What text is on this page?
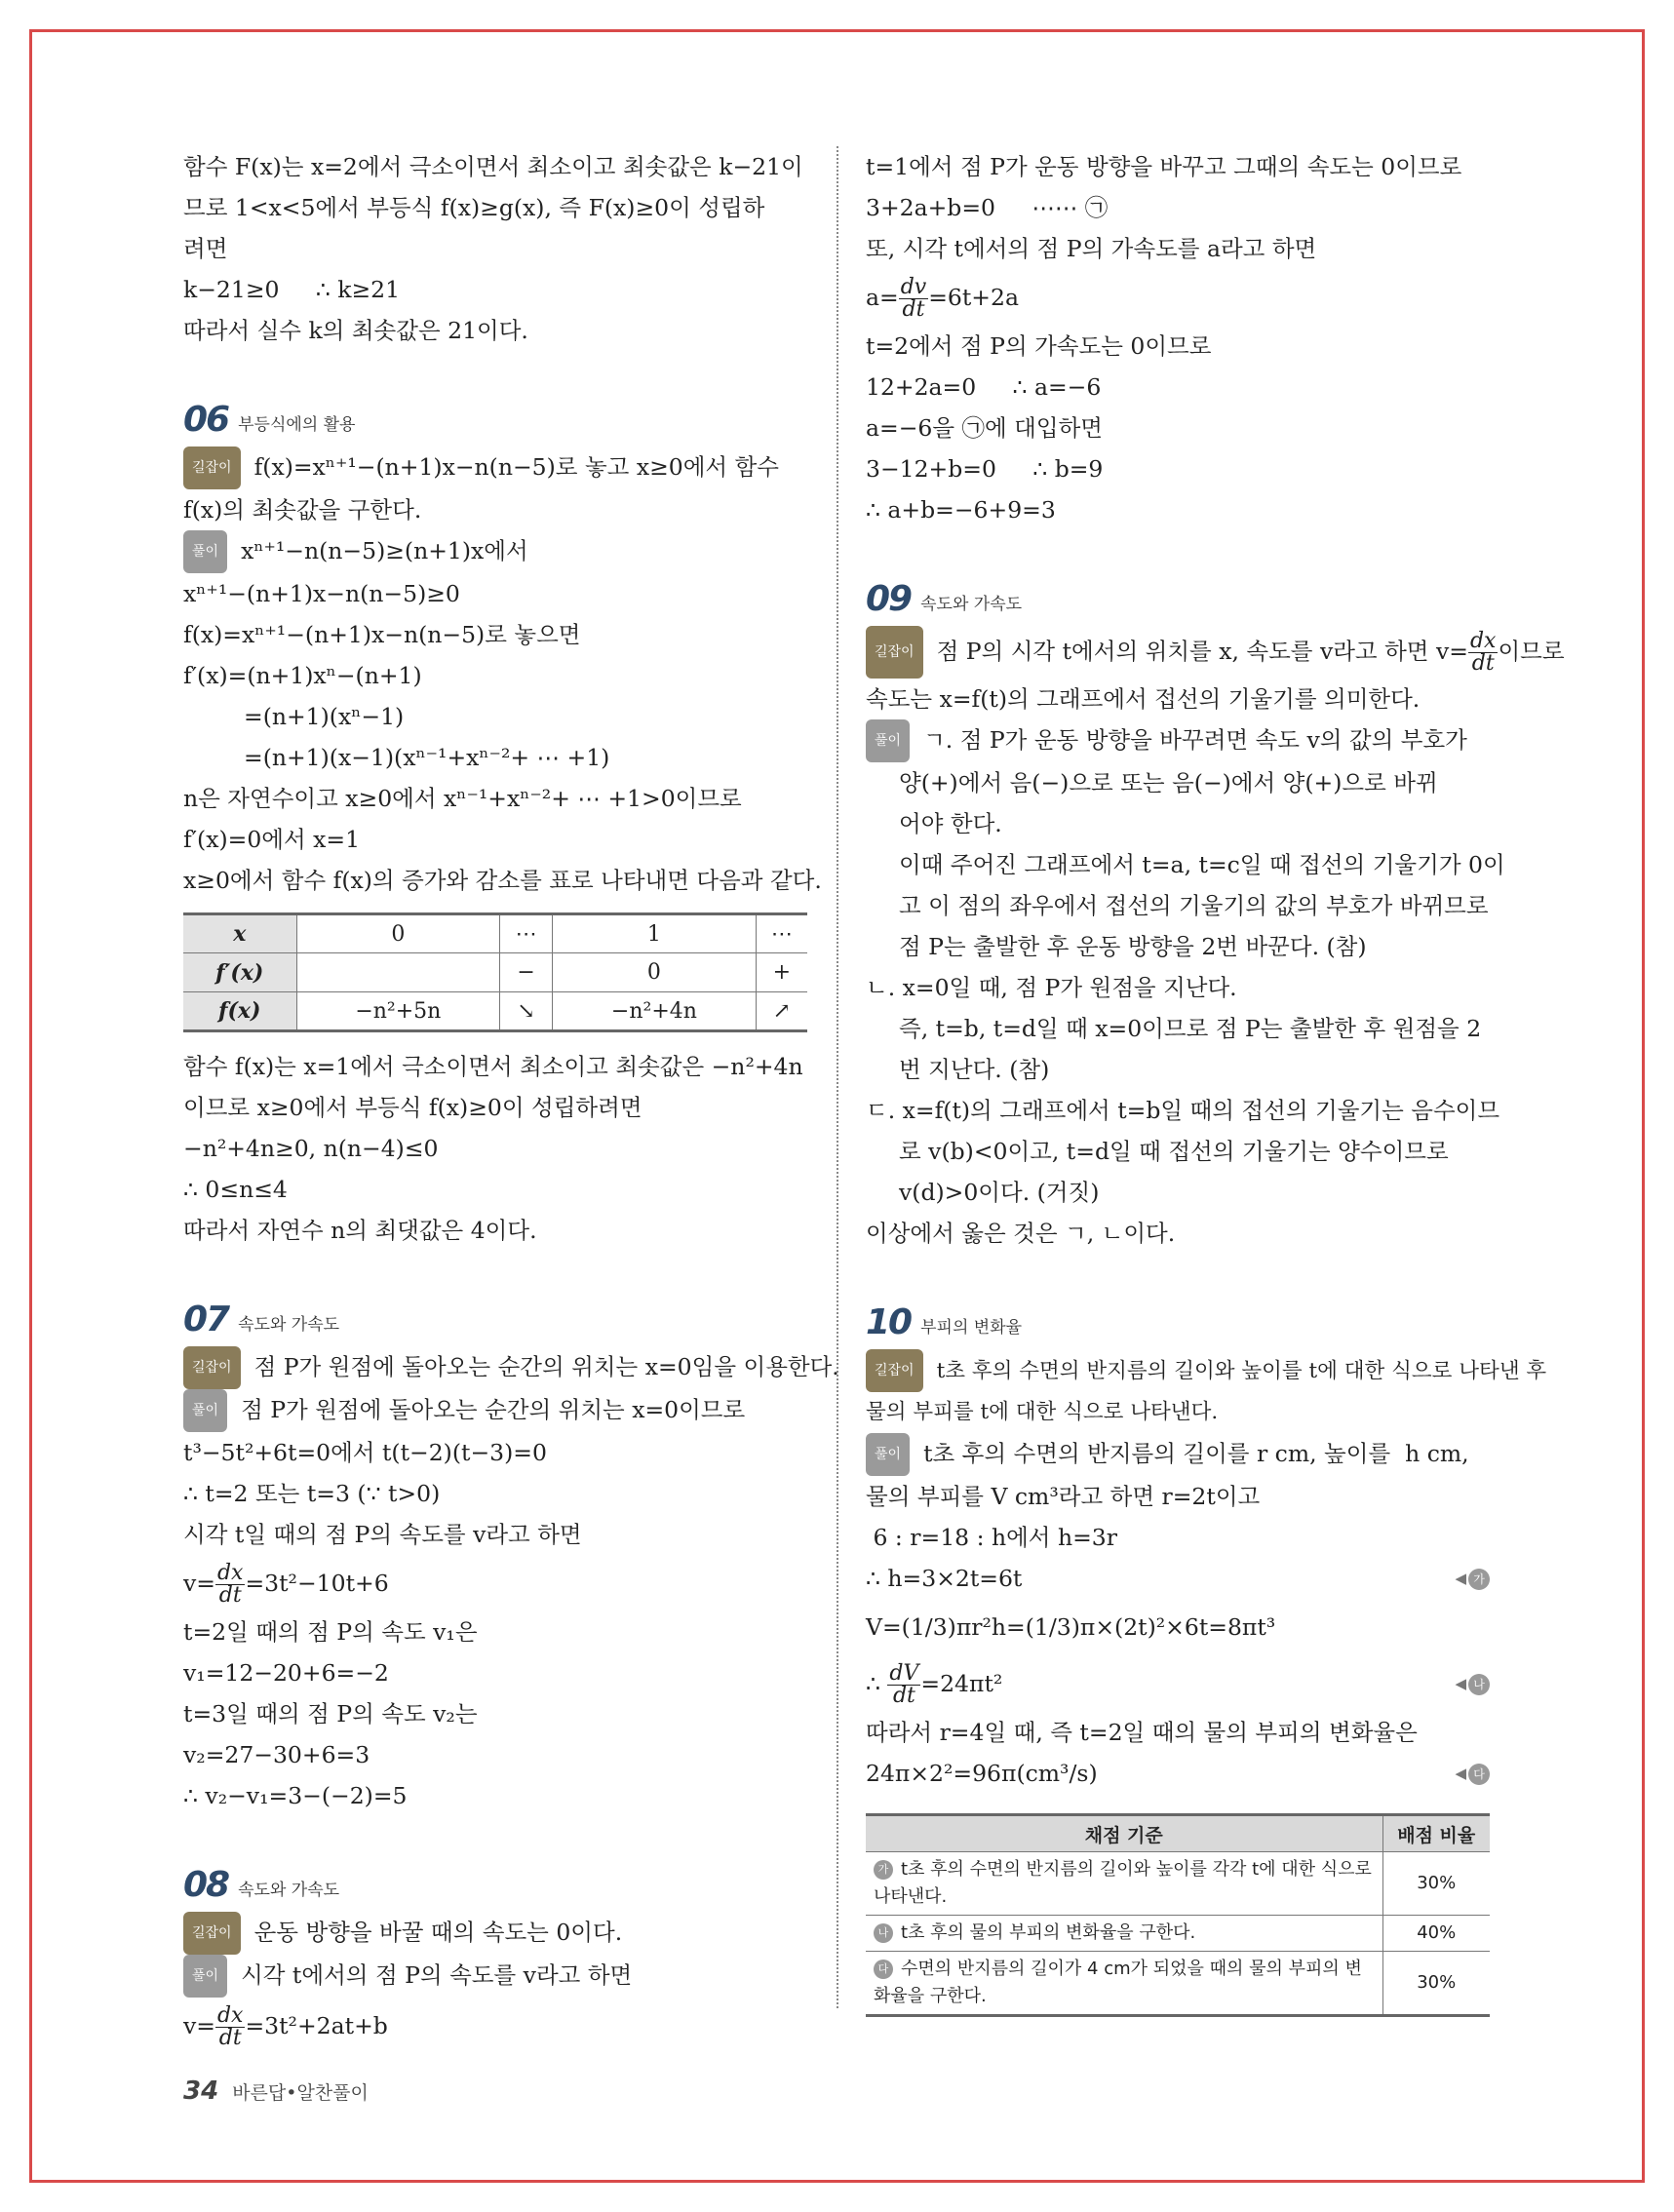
함수 F(x)는 x=2에서 극소이면서 최소이고 최솟값은 k−21이
므로 1<x<5에서 부등식 f(x)≥g(x), 즉 F(x)≥0이 성립하
려면
k−21≥0     ∴ k≥21
따라서 실수 k의 최솟값은 21이다.
06 부등식에의 활용
길잡이 f(x)=xⁿ⁺¹−(n+1)x−n(n−5)로 놓고 x≥0에서 함수
f(x)의 최솟값을 구한다.
풀이 xⁿ⁺¹−n(n−5)≥(n+1)x에서
xⁿ⁺¹−(n+1)x−n(n−5)≥0
f(x)=xⁿ⁺¹−(n+1)x−n(n−5)로 놓으면
f′(x)=(n+1)xⁿ−(n+1)
=(n+1)(xⁿ−1)
=(n+1)(x−1)(xⁿ⁻¹+xⁿ⁻²+ ⋯ +1)
n은 자연수이고 x≥0에서 xⁿ⁻¹+xⁿ⁻²+ ⋯ +1>0이므로
f′(x)=0에서 x=1
x≥0에서 함수 f(x)의 증가와 감소를 표로 나타내면 다음과 같다.
x	0	⋯	1	⋯
f′(x)		−	0	+
f(x)	−n²+5n	↘	−n²+4n	↗
함수 f(x)는 x=1에서 극소이면서 최소이고 최솟값은 −n²+4n
이므로 x≥0에서 부등식 f(x)≥0이 성립하려면
−n²+4n≥0, n(n−4)≤0
∴ 0≤n≤4
따라서 자연수 n의 최댓값은 4이다.
07 속도와 가속도
길잡이 점 P가 원점에 돌아오는 순간의 위치는 x=0임을 이용한다.
풀이 점 P가 원점에 돌아오는 순간의 위치는 x=0이므로
t³−5t²+6t=0에서 t(t−2)(t−3)=0
∴ t=2 또는 t=3 (∵ t>0)
시각 t일 때의 점 P의 속도를 v라고 하면
$v= \frac{dx}{dt} =3t^2-10t+6$
t=2일 때의 점 P의 속도 v₁은
v₁=12−20+6=−2
t=3일 때의 점 P의 속도 v₂는
v₂=27−30+6=3
∴ v₂−v₁=3−(−2)=5
08 속도와 가속도
길잡이 운동 방향을 바꿀 때의 속도는 0이다.
풀이 시각 t에서의 점 P의 속도를 v라고 하면
$v= \frac{dx}{dt} =3t^2+2at+b$
t=1에서 점 P가 운동 방향을 바꾸고 그때의 속도는 0이므로
3+2a+b=0     ⋯⋯ ㉠
또, 시각 t에서의 점 P의 가속도를 a라고 하면
$a= \frac{dv}{dt} =6t+2a$
t=2에서 점 P의 가속도는 0이므로
12+2a=0     ∴ a=−6
a=−6을 ㉠에 대입하면
3−12+b=0     ∴ b=9
∴ a+b=−6+9=3
09 속도와 가속도
길잡이 점 P의 시각 t에서의 위치를 x, 속도를 v라고 하면 $v= \frac{dx}{dt}$ 이므로
속도는 x=f(t)의 그래프에서 접선의 기울기를 의미한다.
풀이 ㄱ. 점 P가 운동 방향을 바꾸려면 속도 v의 값의 부호가
양(+)에서 음(−)으로 또는 음(−)에서 양(+)으로 바뀌
어야 한다.
이때 주어진 그래프에서 t=a, t=c일 때 접선의 기울기가 0이
고 이 점의 좌우에서 접선의 기울기의 값의 부호가 바뀌므로
점 P는 출발한 후 운동 방향을 2번 바꾼다. (참)
ㄴ. x=0일 때, 점 P가 원점을 지난다.
즉, t=b, t=d일 때 x=0이므로 점 P는 출발한 후 원점을 2
번 지난다. (참)
ㄷ. x=f(t)의 그래프에서 t=b일 때의 접선의 기울기는 음수이므
로 v(b)<0이고, t=d일 때 접선의 기울기는 양수이므로
v(d)>0이다. (거짓)
이상에서 옳은 것은 ㄱ, ㄴ이다.
10 부피의 변화율
길잡이 t초 후의 수면의 반지름의 길이와 높이를 t에 대한 식으로 나타낸 후
물의 부피를 t에 대한 식으로 나타낸다.
풀이 t초 후의 수면의 반지름의 길이를 r cm, 높이를  h cm,
물의 부피를 V cm³라고 하면 r=2t이고
6 : r=18 : h에서 h=3r
∴ h=3×2t=6t	◀ 가
V=(1/3)πr²h=(1/3)π×(2t)²×6t=8πt³
∴ $\frac{dV}{dt} =24\pi t^2$	◀ 나
따라서 r=4일 때, 즉 t=2일 때의 물의 부피의 변화율은
24π×2²=96π(cm³/s)	◀ 다
채점 기준	배점 비율
가 t초 후의 수면의 반지름의 길이와 높이를 각각 t에 대한 식으로 나타낸다.	30%
나 t초 후의 물의 부피의 변화율을 구한다.	40%
다 수면의 반지름의 길이가 4 cm가 되었을 때의 물의 부피의 변화율을 구한다.	30%
34 바른답•알찬풀이
